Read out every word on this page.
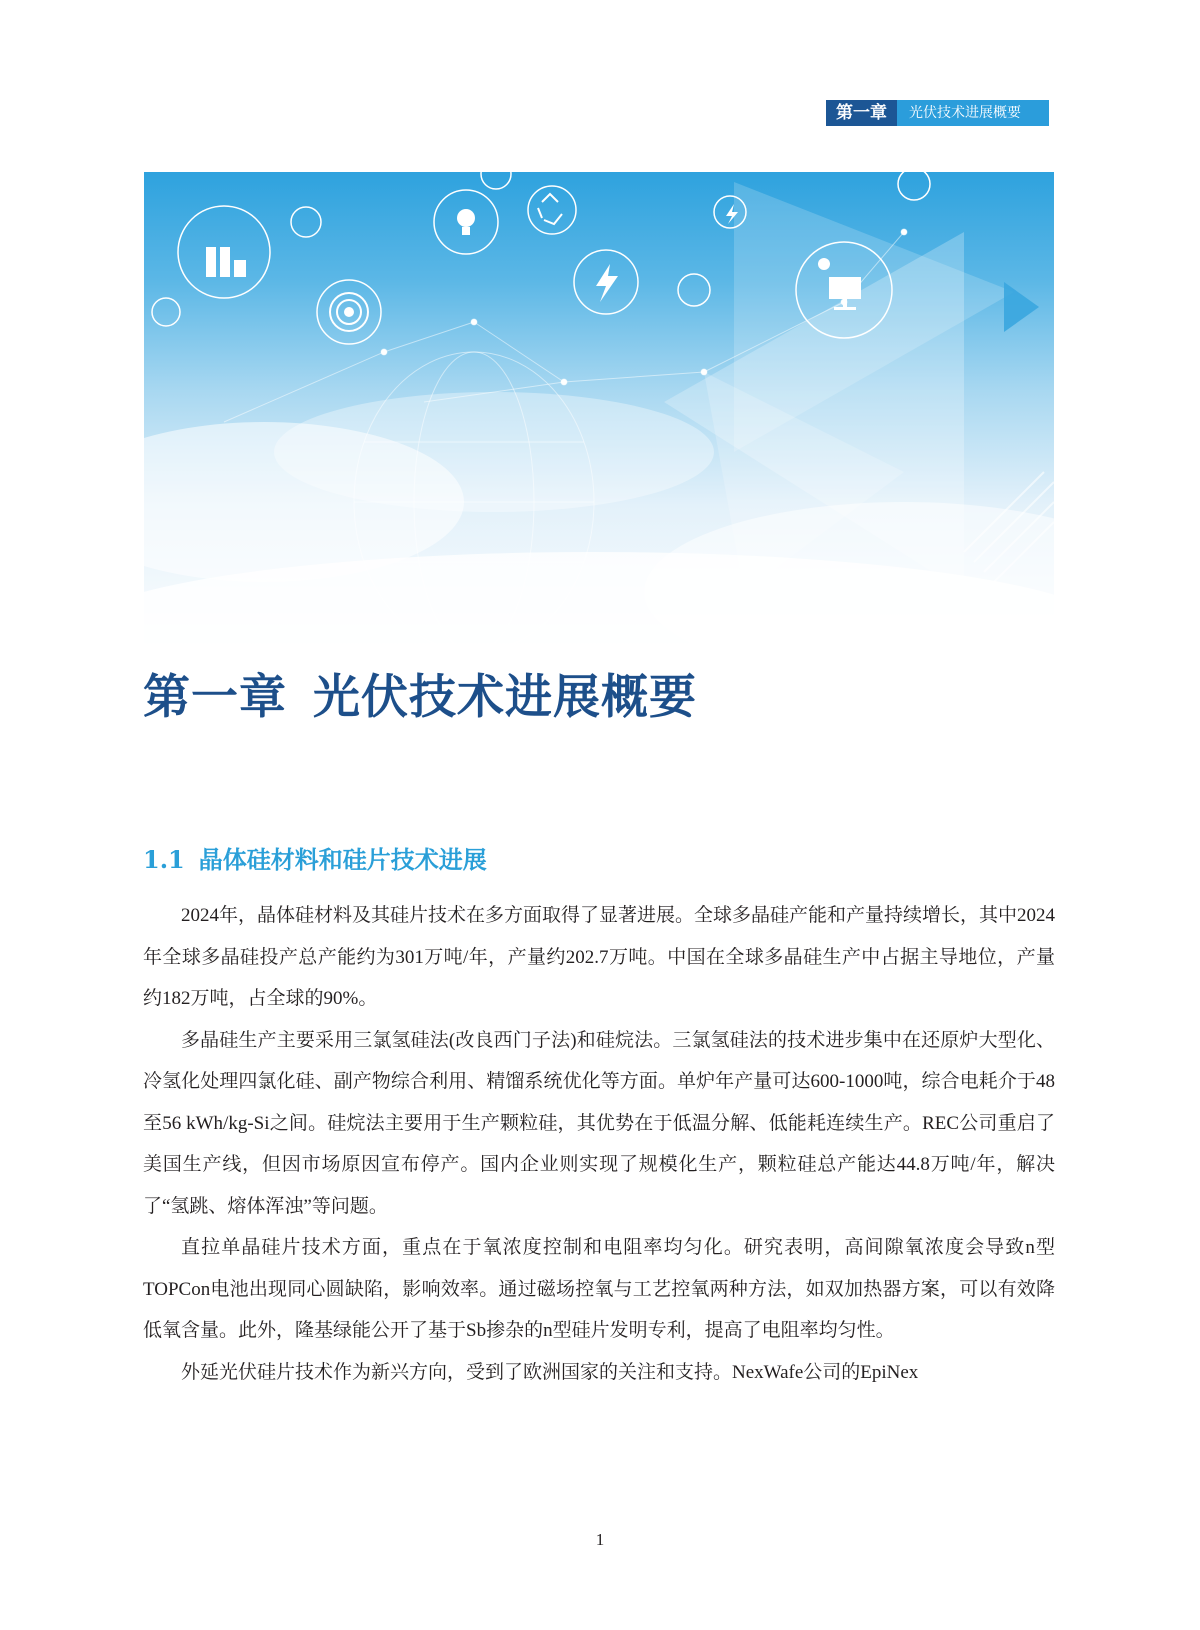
第一章	光伏技术进展概要
第一章 光伏技术进展概要
1.1 晶体硅材料和硅片技术进展

2024年，晶体硅材料及其硅片技术在多方面取得了显著进展。全球多晶硅产能和产量持续增长，其中2024年全球多晶硅投产总产能约为301万吨/年，产量约202.7万吨。中国在全球多晶硅生产中占据主导地位，产量约182万吨，占全球的90%。

多晶硅生产主要采用三氯氢硅法(改良西门子法)和硅烷法。三氯氢硅法的技术进步集中在还原炉大型化、冷氢化处理四氯化硅、副产物综合利用、精馏系统优化等方面。单炉年产量可达600-1000吨，综合电耗介于48至56 kWh/kg-Si之间。硅烷法主要用于生产颗粒硅，其优势在于低温分解、低能耗连续生产。REC公司重启了美国生产线，但因市场原因宣布停产。国内企业则实现了规模化生产，颗粒硅总产能达44.8万吨/年，解决了“氢跳、熔体浑浊”等问题。

直拉单晶硅片技术方面，重点在于氧浓度控制和电阻率均匀化。研究表明，高间隙氧浓度会导致n型TOPCon电池出现同心圆缺陷，影响效率。通过磁场控氧与工艺控氧两种方法，如双加热器方案，可以有效降低氧含量。此外，隆基绿能公开了基于Sb掺杂的n型硅片发明专利，提高了电阻率均匀性。

外延光伏硅片技术作为新兴方向，受到了欧洲国家的关注和支持。NexWafe公司的EpiNex

1
